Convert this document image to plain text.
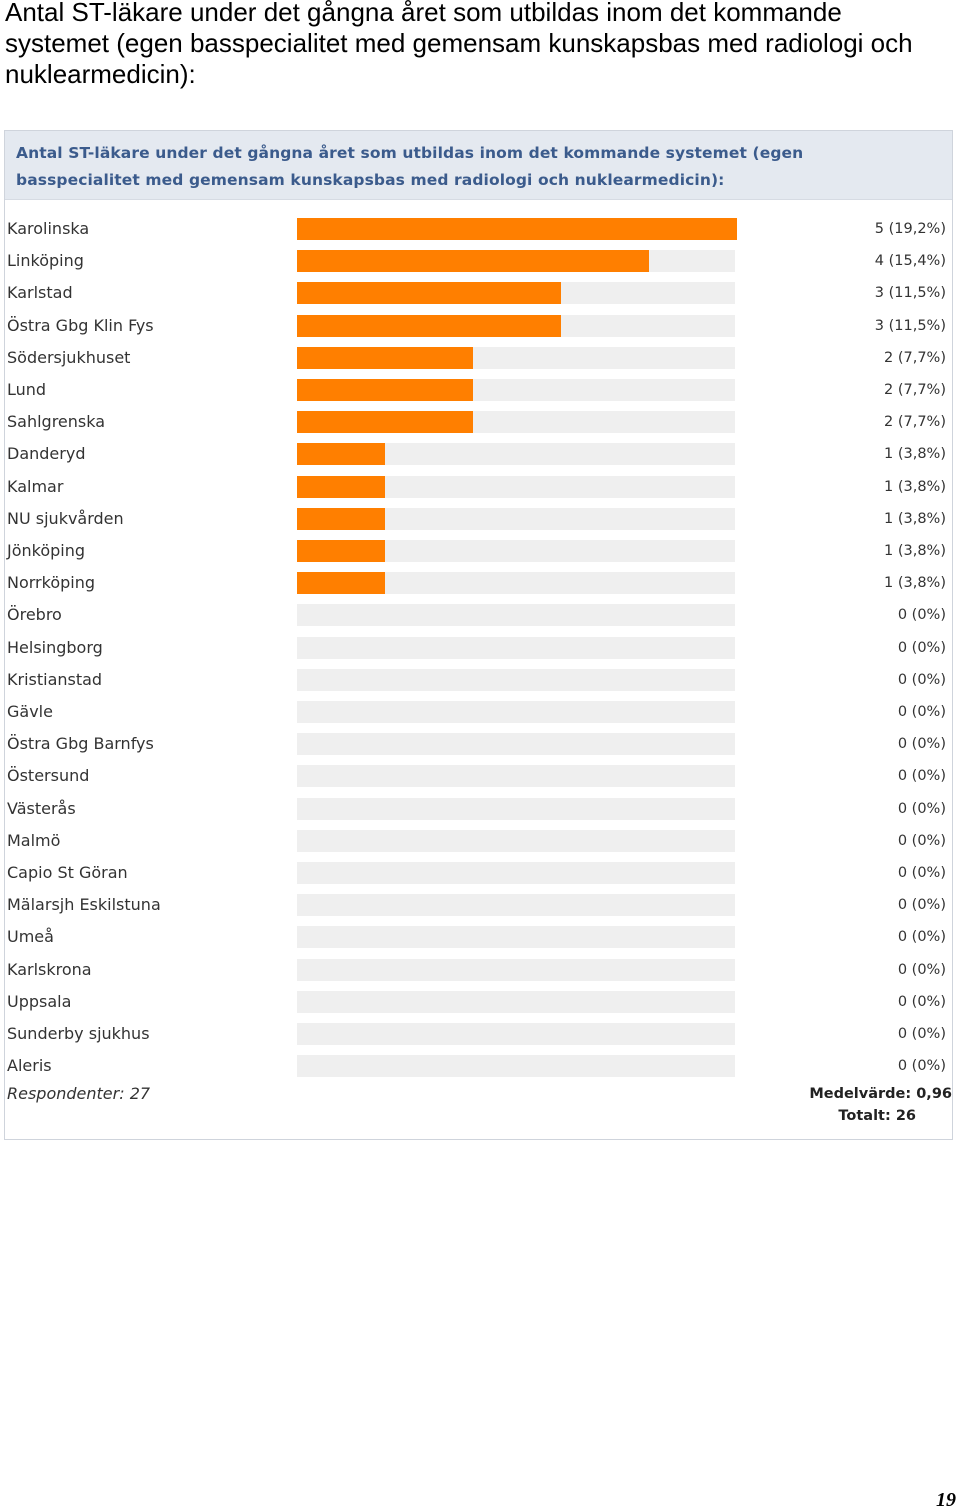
Antal ST-läkare under det gångna året som utbildas inom det kommande systemet (egen basspecialitet med gemensam kunskapsbas med radiologi och nuklearmedicin):
Antal ST-läkare under det gångna året som utbildas inom det kommande systemet (egen basspecialitet med gemensam kunskapsbas med radiologi och nuklearmedicin):
Karolinska	5 (19,2%)
Linköping	4 (15,4%)
Karlstad	3 (11,5%)
Östra Gbg Klin Fys	3 (11,5%)
Södersjukhuset	2 (7,7%)
Lund	2 (7,7%)
Sahlgrenska	2 (7,7%)
Danderyd	1 (3,8%)
Kalmar	1 (3,8%)
NU sjukvården	1 (3,8%)
Jönköping	1 (3,8%)
Norrköping	1 (3,8%)
Örebro	0 (0%)
Helsingborg	0 (0%)
Kristianstad	0 (0%)
Gävle	0 (0%)
Östra Gbg Barnfys	0 (0%)
Östersund	0 (0%)
Västerås	0 (0%)
Malmö	0 (0%)
Capio St Göran	0 (0%)
Mälarsjh Eskilstuna	0 (0%)
Umeå	0 (0%)
Karlskrona	0 (0%)
Uppsala	0 (0%)
Sunderby sjukhus	0 (0%)
Aleris	0 (0%)
Respondenter: 27	Medelvärde: 0,96
Totalt: 26
19
